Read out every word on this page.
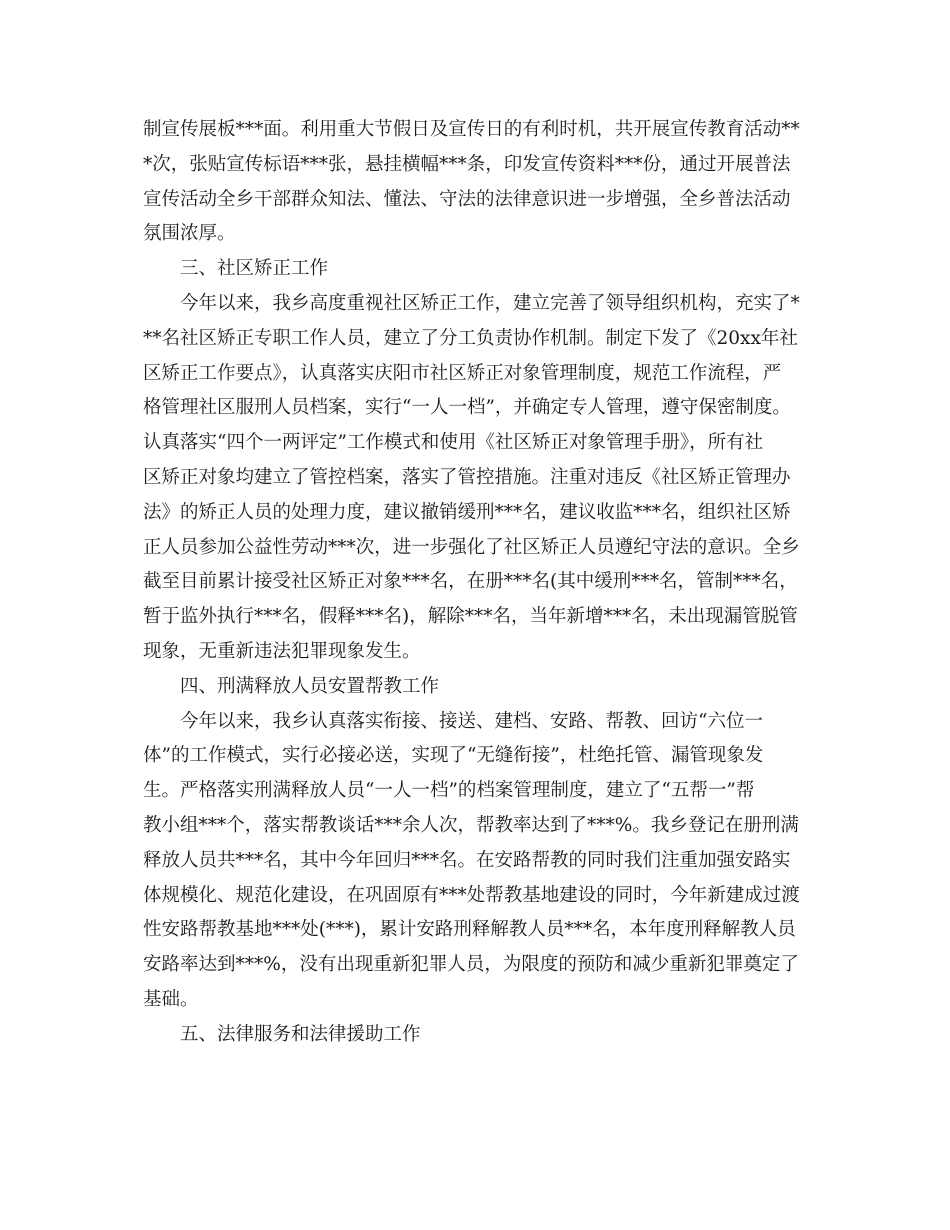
制宣传展板***面。利用重大节假日及宣传日的有利时机，共开展宣传教育活动**
*次，张贴宣传标语***张，悬挂横幅***条，印发宣传资料***份，通过开展普法
宣传活动全乡干部群众知法、懂法、守法的法律意识进一步增强，全乡普法活动
氛围浓厚。
三、社区矫正工作
今年以来，我乡高度重视社区矫正工作，建立完善了领导组织机构，充实了*
**名社区矫正专职工作人员，建立了分工负责协作机制。制定下发了《20xx年社
区矫正工作要点》，认真落实庆阳市社区矫正对象管理制度，规范工作流程，严
格管理社区服刑人员档案，实行“一人一档”，并确定专人管理，遵守保密制度。
认真落实“四个一两评定”工作模式和使用《社区矫正对象管理手册》，所有社
区矫正对象均建立了管控档案，落实了管控措施。注重对违反《社区矫正管理办
法》的矫正人员的处理力度，建议撤销缓刑***名，建议收监***名，组织社区矫
正人员参加公益性劳动***次，进一步强化了社区矫正人员遵纪守法的意识。全乡
截至目前累计接受社区矫正对象***名，在册***名(其中缓刑***名，管制***名，
暂于监外执行***名，假释***名)，解除***名，当年新增***名，未出现漏管脱管
现象，无重新违法犯罪现象发生。
四、刑满释放人员安置帮教工作
今年以来，我乡认真落实衔接、接送、建档、安路、帮教、回访“六位一
体”的工作模式，实行必接必送，实现了“无缝衔接”，杜绝托管、漏管现象发
生。严格落实刑满释放人员“一人一档”的档案管理制度，建立了“五帮一”帮
教小组***个，落实帮教谈话***余人次，帮教率达到了***%。我乡登记在册刑满
释放人员共***名，其中今年回归***名。在安路帮教的同时我们注重加强安路实
体规模化、规范化建设，在巩固原有***处帮教基地建设的同时，今年新建成过渡
性安路帮教基地***处(***)，累计安路刑释解教人员***名，本年度刑释解教人员
安路率达到***%，没有出现重新犯罪人员，为限度的预防和减少重新犯罪奠定了
基础。
五、法律服务和法律援助工作
